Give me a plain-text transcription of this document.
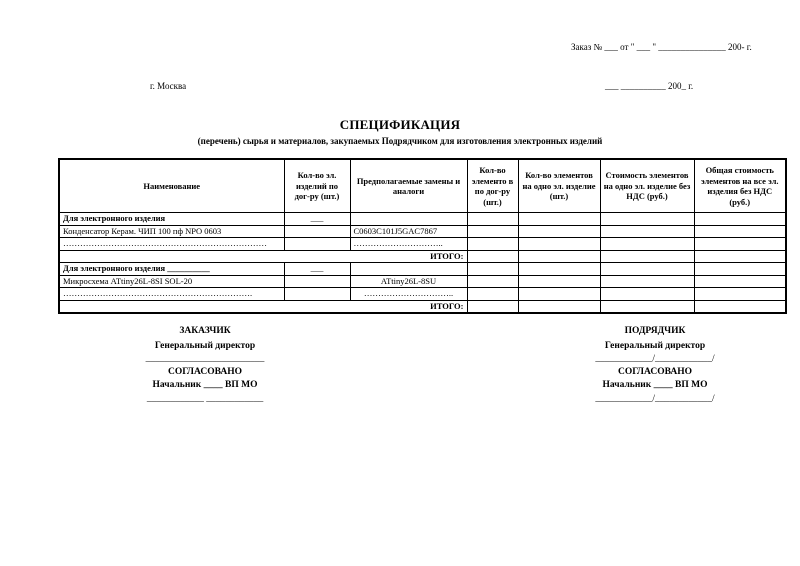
Заказ № ___ от " ___ " _______________ 200- г.
г. Москва	___ __________ 200_ г.
СПЕЦИФИКАЦИЯ
(перечень) сырья и материалов, закупаемых Подрядчиком для изготовления электронных изделий
Наименование	Кол-во эл. изделий по дог-ру (шт.)	Предполагаемые замены и аналоги	Кол-во элементо в по дог-ру (шт.)	Кол-во элементов на одно эл. изделие (шт.)	Стоимость элементов на одно эл. изделие без НДС (руб.)	Общая стоимость элементов на все эл. изделия без НДС (руб.)
Для электронного изделия	___					
Конденсатор Керам. ЧИП 100 пф NPO 0603		C0603C101J5GAC7867				
………………………………………………………………		…………………………..				
ИТОГО:						
Для электронного изделия __________	___					
Микросхема ATtiny26L-8SI SOL-20		ATtiny26L-8SU				
………………………………………………………….		…………………………..				
ИТОГО:						
ЗАКАЗЧИК
Генеральный директор
_________________________
СОГЛАСОВАНО
Начальник ____ ВП МО
____________ ____________
ПОДРЯДЧИК
Генеральный директор
____________/____________/
СОГЛАСОВАНО
Начальник ____ ВП МО
____________/____________/
